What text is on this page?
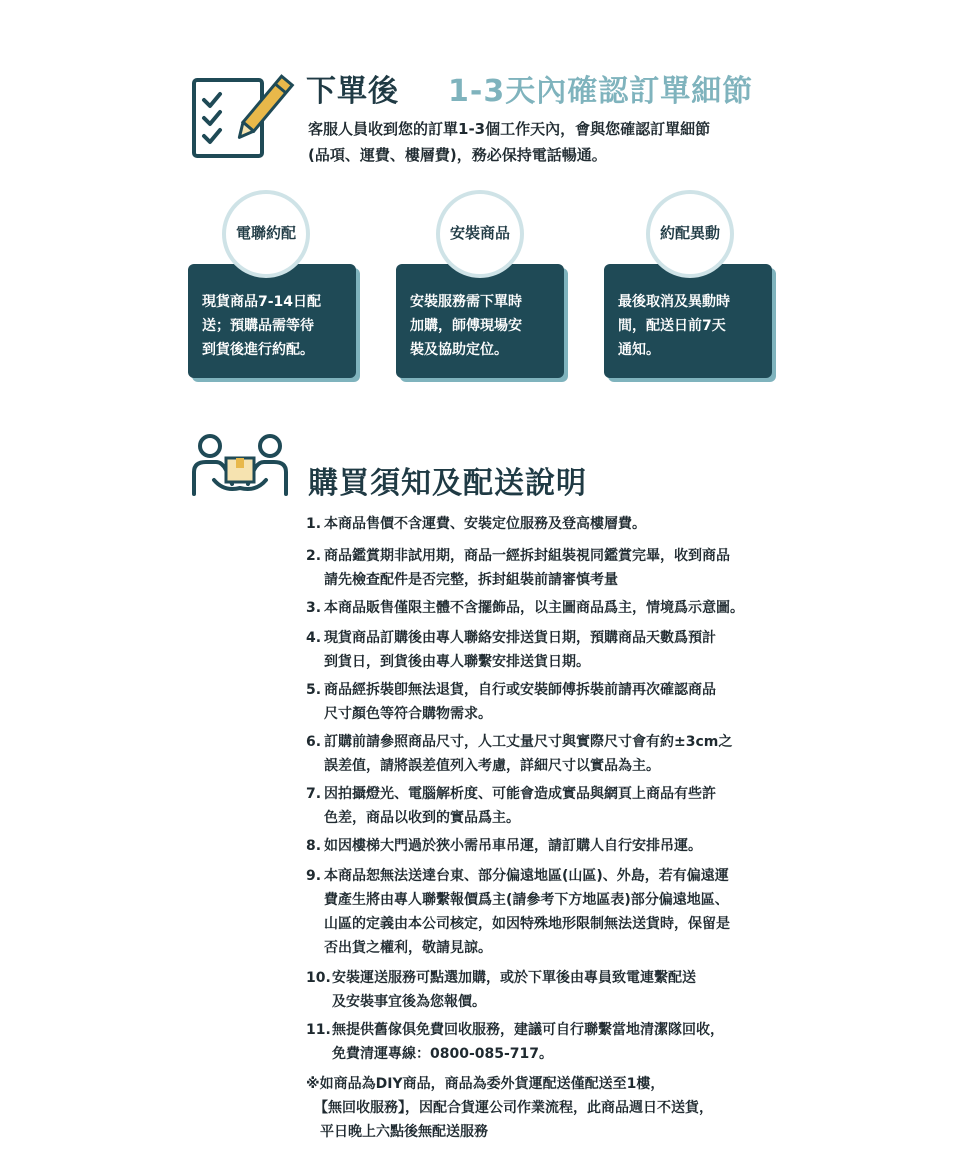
下單後 1-3天內確認訂單細節
客服人員收到您的訂單1-3個工作天內，會與您確認訂單細節
(品項、運費、樓層費)，務必保持電話暢通。
現貨商品7-14日配
送；預購品需等待
到貨後進行約配。
電聯約配
安裝服務需下單時
加購，師傅現場安
裝及協助定位。
安裝商品
最後取消及異動時
間，配送日前7天
通知。
約配異動
購買須知及配送說明
1. 本商品售價不含運費、安裝定位服務及登高樓層費。
2. 商品鑑賞期非試用期，商品一經拆封組裝視同鑑賞完畢，收到商品
請先檢查配件是否完整，拆封組裝前請審慎考量
3. 本商品販售僅限主體不含擺飾品，以主圖商品爲主，情境爲示意圖。
4. 現貨商品訂購後由專人聯絡安排送貨日期，預購商品天數爲預計
到貨日，到貨後由專人聯繫安排送貨日期。
5. 商品經拆裝卽無法退貨，自行或安裝師傅拆裝前請再次確認商品
尺寸顏色等符合購物需求。
6. 訂購前請參照商品尺寸，人工丈量尺寸與實際尺寸會有約±3cm之
誤差值，請將誤差值列入考慮，詳細尺寸以實品為主。
7. 因拍攝燈光、電腦解析度、可能會造成實品與網頁上商品有些許
色差，商品以收到的實品爲主。
8. 如因樓梯大門過於狹小需吊車吊運，請訂購人自行安排吊運。
9. 本商品恕無法送達台東、部分偏遠地區(山區)、外島，若有偏遠運
費產生將由專人聯繫報價爲主(請參考下方地區表)部分偏遠地區、
山區的定義由本公司核定，如因特殊地形限制無法送貨時，保留是
否出貨之權利，敬請見諒。
10.安裝運送服務可點選加購，或於下單後由專員致電連繫配送
及安裝事宜後為您報價。
11.無提供舊傢俱免費回收服務，建議可自行聯繫當地清潔隊回收，
免費清運專線：0800-085-717。
※如商品為DIY商品，商品為委外貨運配送僅配送至1樓，
【無回收服務】，因配合貨運公司作業流程，此商品週日不送貨，
平日晚上六點後無配送服務
